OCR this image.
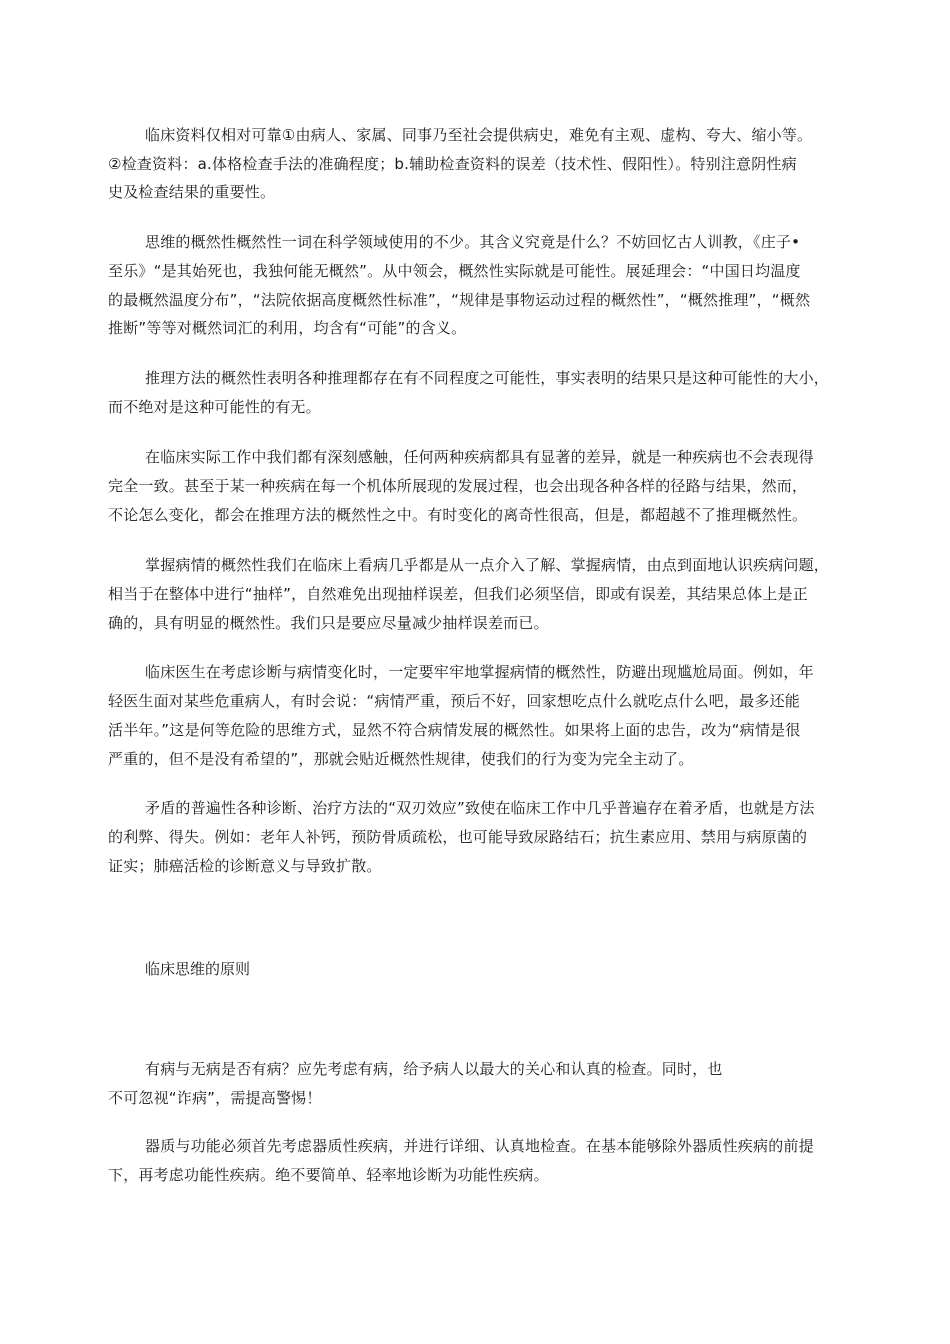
临床资料仅相对可靠①由病人、家属、同事乃至社会提供病史，难免有主观、虚构、夸大、缩小等。
②检查资料：a.体格检查手法的准确程度；b.辅助检查资料的误差（技术性、假阳性）。特别注意阴性病
史及检查结果的重要性。
思维的概然性概然性一词在科学领域使用的不少。其含义究竟是什么？不妨回忆古人训教，《庄子•
至乐》“是其始死也，我独何能无概然”。从中领会，概然性实际就是可能性。展延理会：“中国日均温度
的最概然温度分布”，“法院依据高度概然性标准”，“规律是事物运动过程的概然性”，“概然推理”，“概然
推断”等等对概然词汇的利用，均含有“可能”的含义。
推理方法的概然性表明各种推理都存在有不同程度之可能性，事实表明的结果只是这种可能性的大小，
而不绝对是这种可能性的有无。
在临床实际工作中我们都有深刻感触，任何两种疾病都具有显著的差异，就是一种疾病也不会表现得
完全一致。甚至于某一种疾病在每一个机体所展现的发展过程，也会出现各种各样的径路与结果，然而，
不论怎么变化，都会在推理方法的概然性之中。有时变化的离奇性很高，但是，都超越不了推理概然性。
掌握病情的概然性我们在临床上看病几乎都是从一点介入了解、掌握病情，由点到面地认识疾病问题，
相当于在整体中进行“抽样”，自然难免出现抽样误差，但我们必须坚信，即或有误差，其结果总体上是正
确的，具有明显的概然性。我们只是要应尽量减少抽样误差而已。
临床医生在考虑诊断与病情变化时，一定要牢牢地掌握病情的概然性，防避出现尴尬局面。例如，年
轻医生面对某些危重病人，有时会说：“病情严重，预后不好，回家想吃点什么就吃点什么吧，最多还能
活半年。”这是何等危险的思维方式，显然不符合病情发展的概然性。如果将上面的忠告，改为“病情是很
严重的，但不是没有希望的”，那就会贴近概然性规律，使我们的行为变为完全主动了。
矛盾的普遍性各种诊断、治疗方法的“双刃效应”致使在临床工作中几乎普遍存在着矛盾，也就是方法
的利弊、得失。例如：老年人补钙，预防骨质疏松，也可能导致尿路结石；抗生素应用、禁用与病原菌的
证实；肺癌活检的诊断意义与导致扩散。
临床思维的原则
有病与无病是否有病？应先考虑有病，给予病人以最大的关心和认真的检查。同时，也
不可忽视“诈病”，需提高警惕！
器质与功能必须首先考虑器质性疾病，并进行详细、认真地检查。在基本能够除外器质性疾病的前提
下，再考虑功能性疾病。绝不要简单、轻率地诊断为功能性疾病。
